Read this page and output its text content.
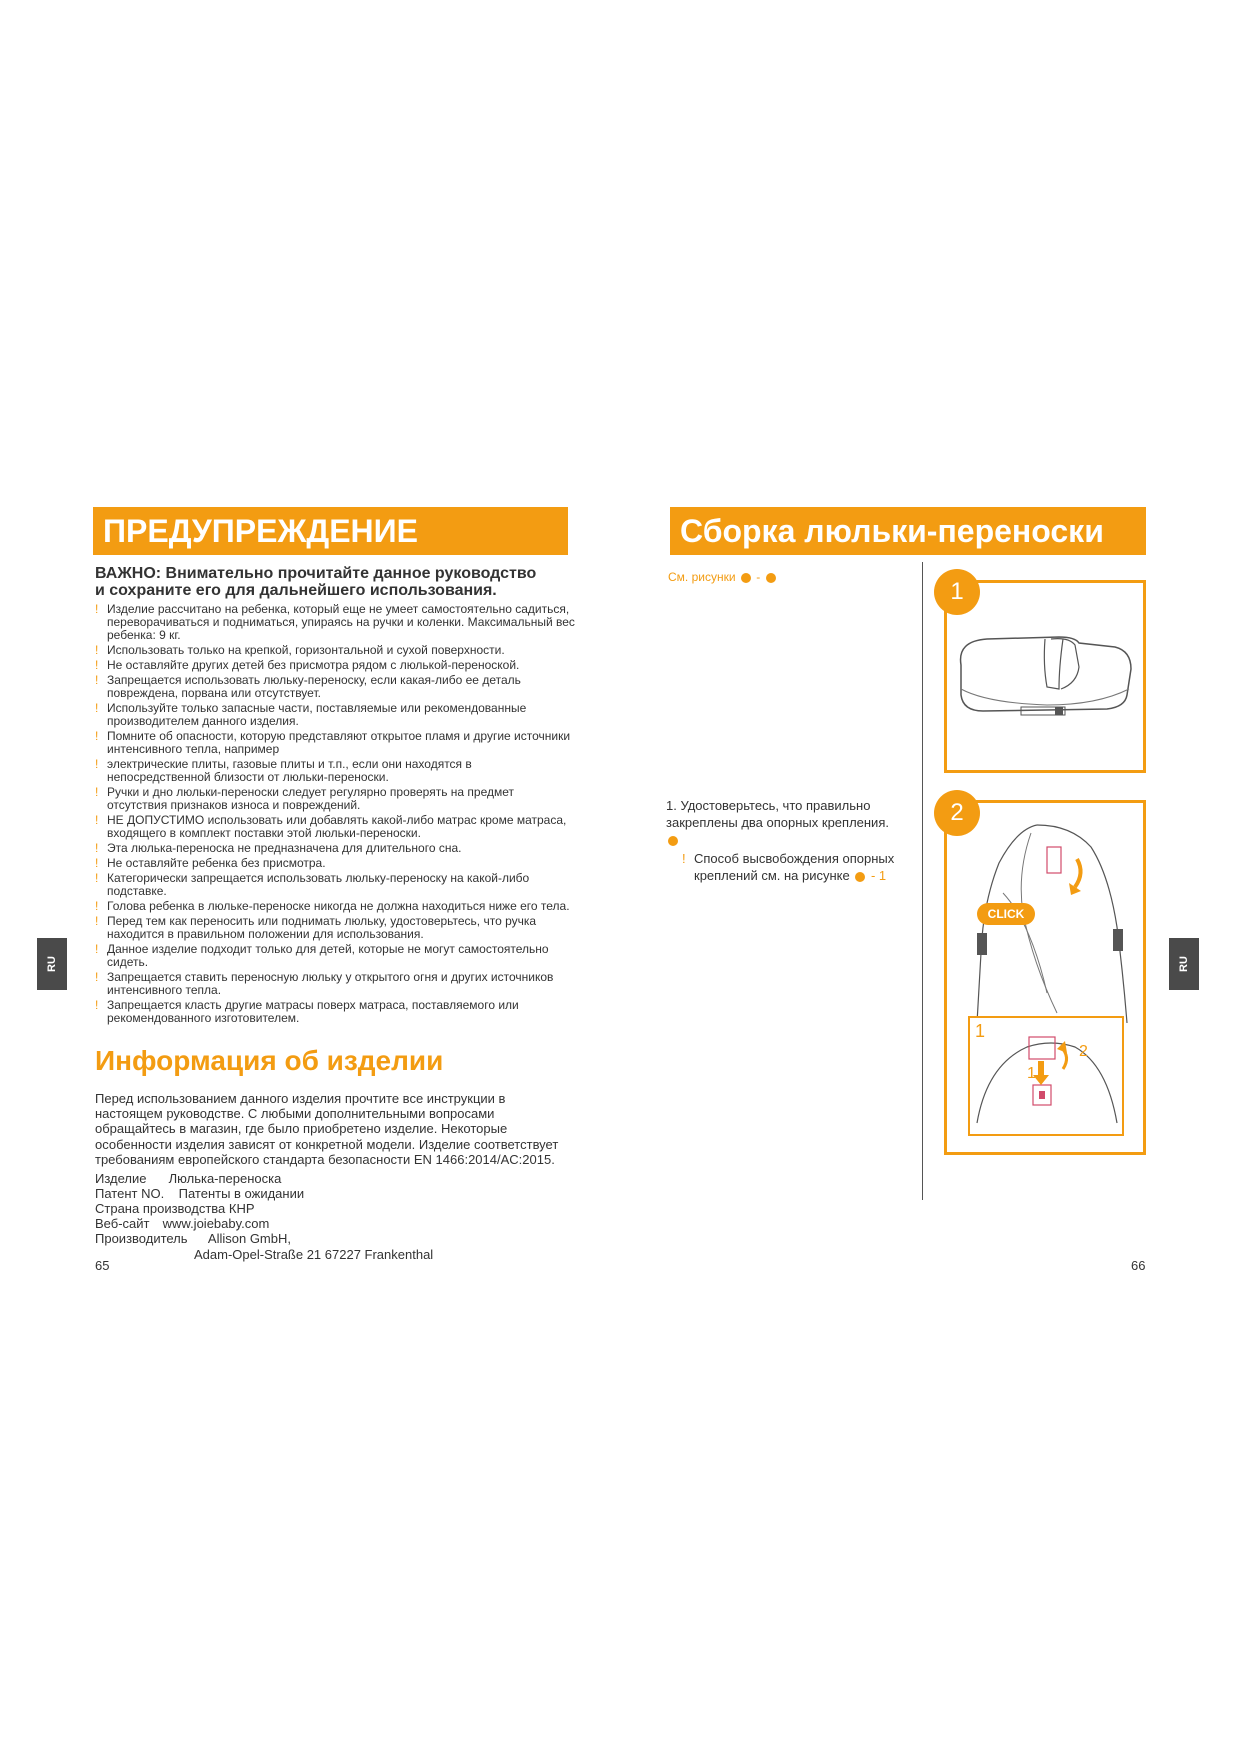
ПРЕДУПРЕЖДЕНИЕ
ВАЖНО: Внимательно прочитайте данное руководство
и сохраните его для дальнейшего использования.
! Изделие рассчитано на ребенка, который еще не умеет самостоятельно садиться, переворачиваться и подниматься, упираясь на ручки и коленки. Максимальный вес ребенка: 9 кг.
! Использовать только на крепкой, горизонтальной и сухой поверхности.
! Не оставляйте других детей без присмотра рядом с люлькой-переноской.
! Запрещается использовать люльку-переноску, если какая-либо ее деталь повреждена, порвана или отсутствует.
! Используйте только запасные части, поставляемые или рекомендованные производителем данного изделия.
! Помните об опасности, которую представляют открытое пламя и другие источники интенсивного тепла, например
! электрические плиты, газовые плиты и т.п., если они находятся в непосредственной близости от люльки-переноски.
! Ручки и дно люльки-переноски следует регулярно проверять на предмет отсутствия признаков износа и повреждений.
! НЕ ДОПУСТИМО использовать или добавлять какой-либо матрас кроме матраса, входящего в комплект поставки этой люльки-переноски.
! Эта люлька-переноска не предназначена для длительного сна.
! Не оставляйте ребенка без присмотра.
! Категорически запрещается использовать люльку-переноску на какой-либо подставке.
! Голова ребенка в люльке-переноске никогда не должна находиться ниже его тела.
! Перед тем как переносить или поднимать люльку, удостоверьтесь, что ручка находится в правильном положении для использования.
! Данное изделие подходит только для детей, которые не могут самостоятельно сидеть.
! Запрещается ставить переносную люльку у открытого огня и других источников интенсивного тепла.
! Запрещается класть другие матрасы поверх матраса, поставляемого или рекомендованного изготовителем.
Информация об изделии
Перед использованием данного изделия прочтите все инструкции в настоящем руководстве. С любыми дополнительными вопросами обращайтесь в магазин, где было приобретено изделие. Некоторые особенности изделия зависят от конкретной модели. Изделие соответствует требованиям европейского стандарта безопасности EN 1466:2014/AC:2015.
Изделие Люлька-переноска
Патент NO. Патенты в ожидании
Страна производства КНР
Веб-сайт www.joiebaby.com
Производитель Allison GmbH,
Adam-Opel-Straße 21 67227 Frankenthal
65
RU
Сборка люльки-переноски
См. рисунки -
1
CLICK
1
2
1
2
1. Удостоверьтесь, что правильно закреплены два опорных крепления.
! Способ высвобождения опорных креплений см. на рисунке - 1
66
RU
